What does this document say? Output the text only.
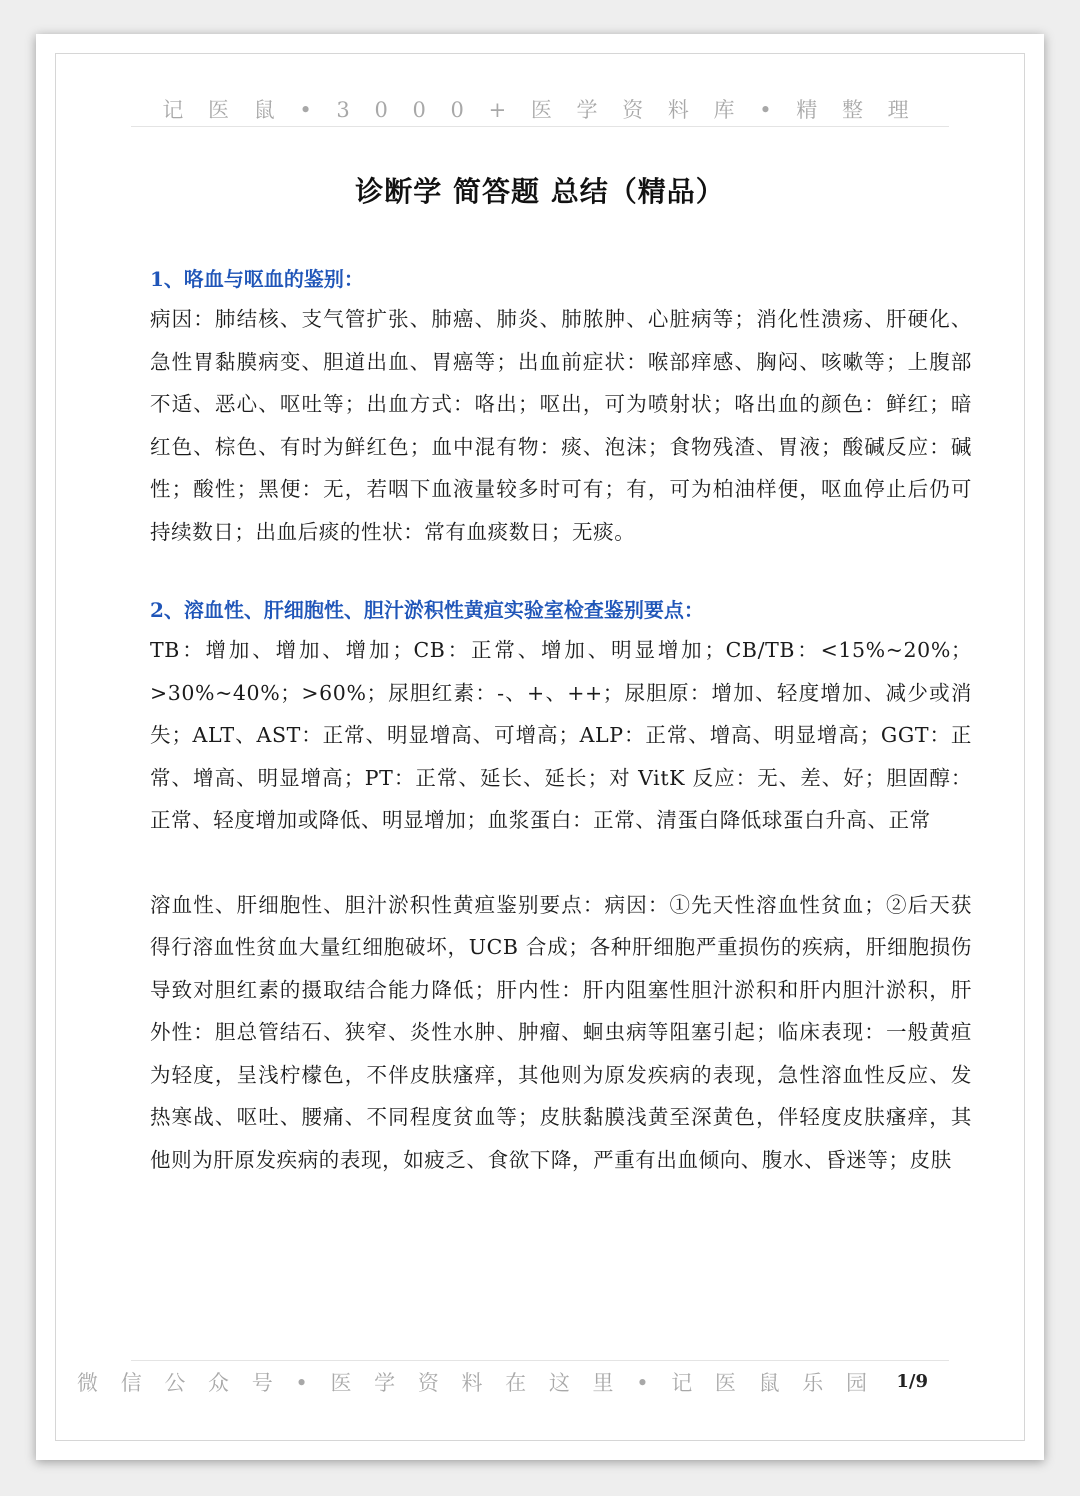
记 医 鼠 • 3 0 0 0 + 医 学 资 料 库 • 精 整 理
诊断学 简答题 总结（精品）

1、咯血与呕血的鉴别：

病因：肺结核、支气管扩张、肺癌、肺炎、肺脓肿、心脏病等；消化性溃疡、肝硬化、急性胃黏膜病变、胆道出血、胃癌等；出血前症状：喉部痒感、胸闷、咳嗽等；上腹部不适、恶心、呕吐等；出血方式：咯出；呕出，可为喷射状；咯出血的颜色：鲜红；暗红色、棕色、有时为鲜红色；血中混有物：痰、泡沫；食物残渣、胃液；酸碱反应：碱性；酸性；黑便：无，若咽下血液量较多时可有；有，可为柏油样便，呕血停止后仍可持续数日；出血后痰的性状：常有血痰数日；无痰。

2、溶血性、肝细胞性、胆汁淤积性黄疸实验室检查鉴别要点：

TB：增加、增加、增加；CB：正常、增加、明显增加；CB/TB：<15%~20%；>30%~40%；>60%；尿胆红素：-、+、++；尿胆原：增加、轻度增加、减少或消失；ALT、AST：正常、明显增高、可增高；ALP：正常、增高、明显增高；GGT：正常、增高、明显增高；PT：正常、延长、延长；对 VitK 反应：无、差、好；胆固醇：正常、轻度增加或降低、明显增加；血浆蛋白：正常、清蛋白降低球蛋白升高、正常

溶血性、肝细胞性、胆汁淤积性黄疸鉴别要点：病因：①先天性溶血性贫血；②后天获得行溶血性贫血大量红细胞破坏，UCB 合成；各种肝细胞严重损伤的疾病，肝细胞损伤导致对胆红素的摄取结合能力降低；肝内性：肝内阻塞性胆汁淤积和肝内胆汁淤积，肝外性：胆总管结石、狭窄、炎性水肿、肿瘤、蛔虫病等阻塞引起；临床表现：一般黄疸为轻度，呈浅柠檬色，不伴皮肤瘙痒，其他则为原发疾病的表现，急性溶血性反应、发热寒战、呕吐、腰痛、不同程度贫血等；皮肤黏膜浅黄至深黄色，伴轻度皮肤瘙痒，其他则为肝原发疾病的表现，如疲乏、食欲下降，严重有出血倾向、腹水、昏迷等；皮肤

微 信 公 众 号 • 医 学 资 料 在 这 里 • 记 医 鼠 乐 园	1/9
